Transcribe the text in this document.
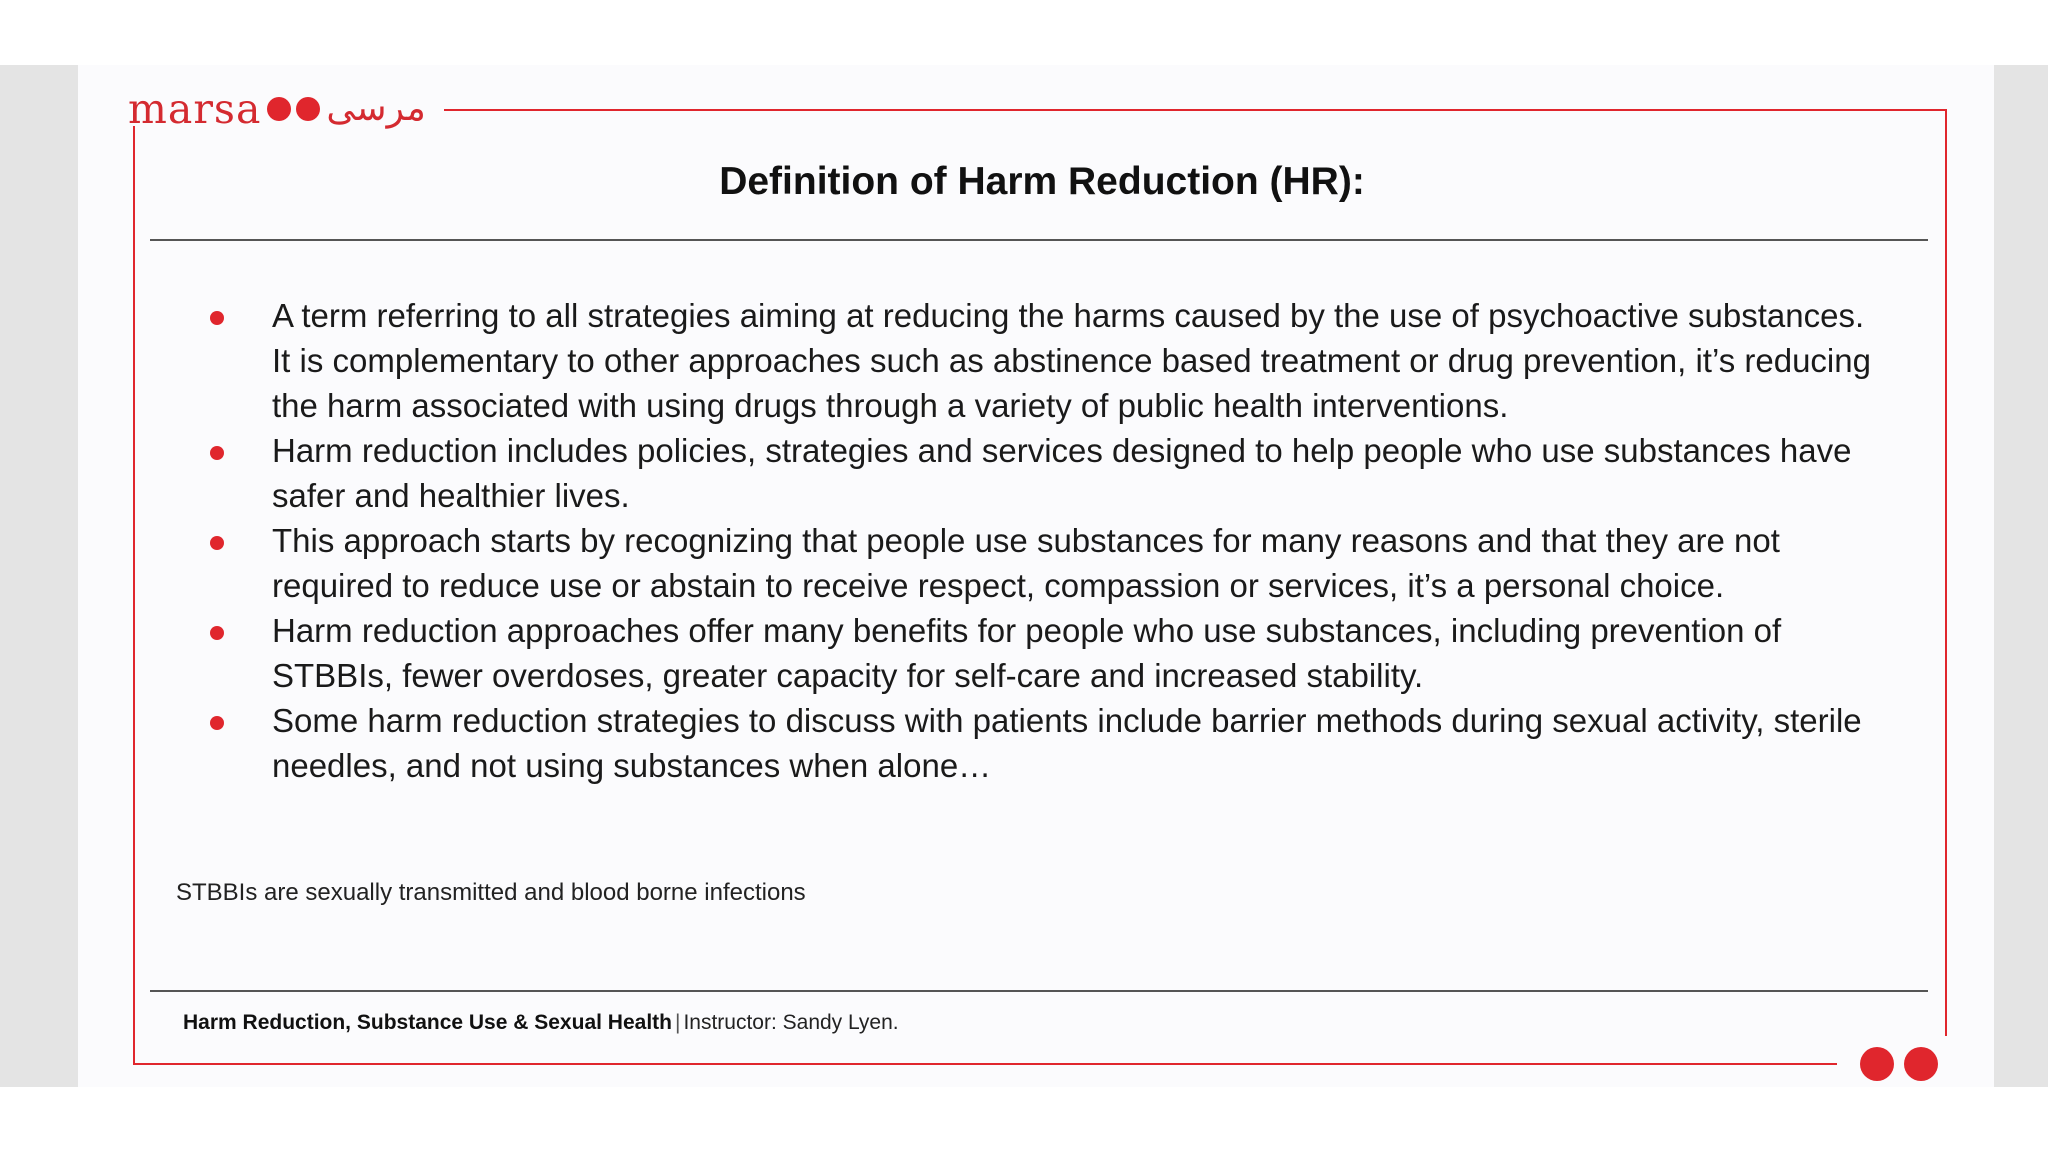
marsa مرسى
Definition of Harm Reduction (HR):
A term referring to all strategies aiming at reducing the harms caused by the use of psychoactive substances. It is complementary to other approaches such as abstinence based treatment or drug prevention, it’s reducing the harm associated with using drugs through a variety of public health interventions.
Harm reduction includes policies, strategies and services designed to help people who use substances have safer and healthier lives.
This approach starts by recognizing that people use substances for many reasons and that they are not required to reduce use or abstain to receive respect, compassion or services, it’s a personal choice.
Harm reduction approaches offer many benefits for people who use substances, including prevention of STBBIs, fewer overdoses, greater capacity for self-care and increased stability.
Some harm reduction strategies to discuss with patients include barrier methods during sexual activity, sterile needles, and not using substances when alone…
STBBIs are sexually transmitted and blood borne infections
Harm Reduction, Substance Use & Sexual Health | Instructor: Sandy Lyen.
